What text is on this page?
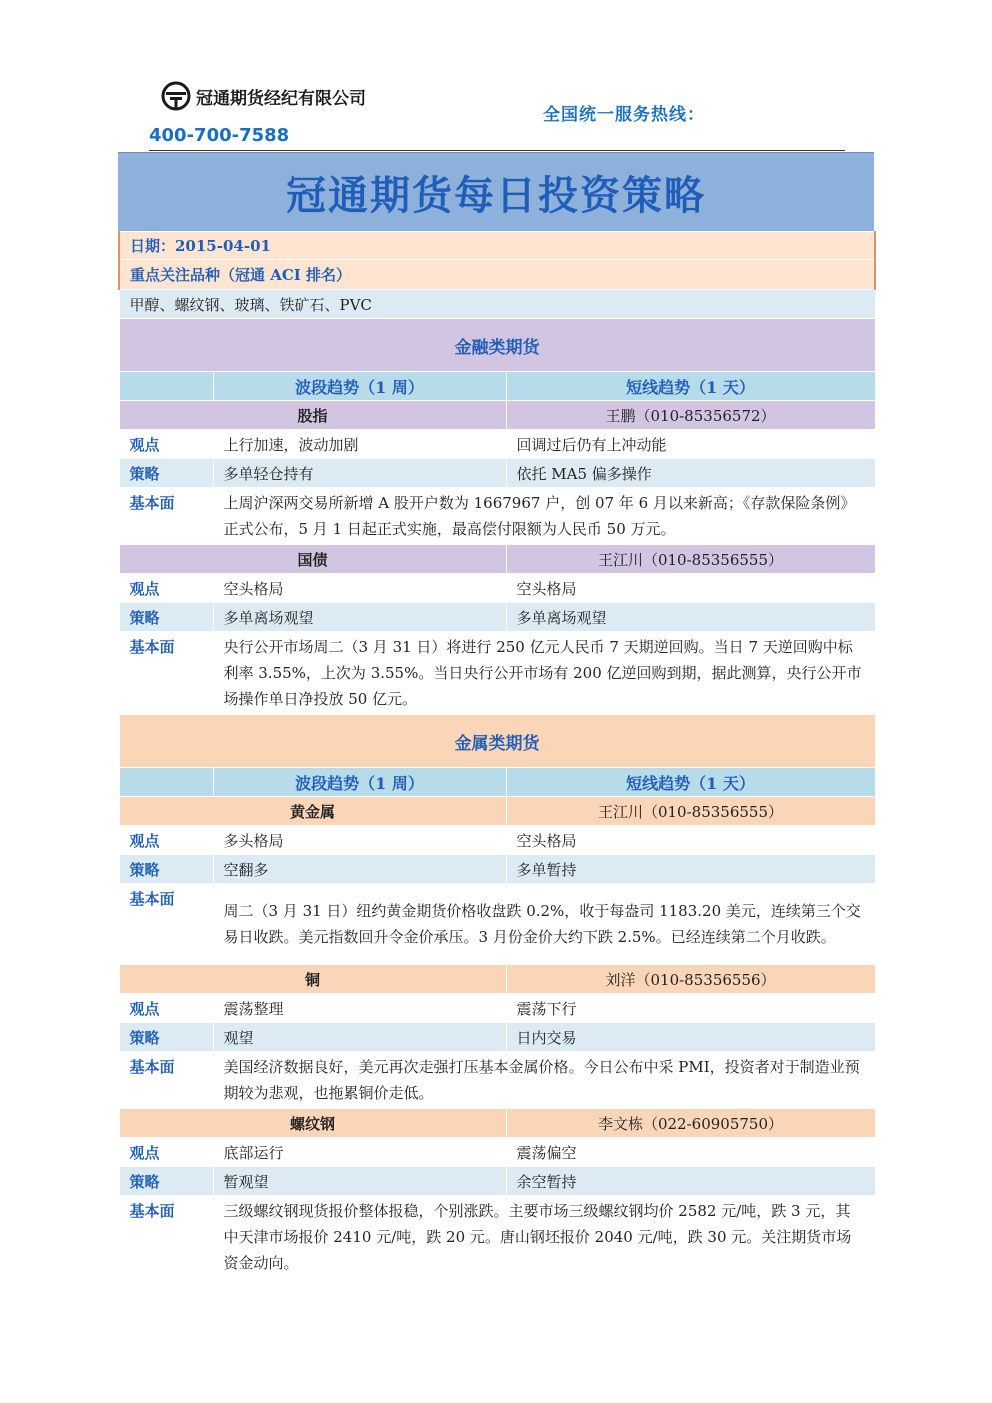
冠通期货经纪有限公司
全国统一服务热线：
400-700-7588
冠通期货每日投资策略
日期：2015-04-01		
重点关注品种（冠通 ACI 排名）		
甲醇、螺纹钢、玻璃、铁矿石、PVC		
金融类期货		
	波段趋势（1 周）	短线趋势（1 天）
股指		王鹏（010-85356572）
观点	上行加速，波动加剧	回调过后仍有上冲动能
策略	多单轻仓持有	依托 MA5 偏多操作
基本面	上周沪深两交易所新增 A 股开户数为 1667967 户，创 07 年 6 月以来新高；《存款保险条例》正式公布，5 月 1 日起正式实施，最高偿付限额为人民币 50 万元。	
国债		王江川（010-85356555）
观点	空头格局	空头格局
策略	多单离场观望	多单离场观望
基本面	央行公开市场周二（3 月 31 日）将进行 250 亿元人民币 7 天期逆回购。当日 7 天逆回购中标利率 3.55%，上次为 3.55%。当日央行公开市场有 200 亿逆回购到期，据此测算，央行公开市场操作单日净投放 50 亿元。	
金属类期货		
	波段趋势（1 周）	短线趋势（1 天）
黄金属		王江川（010-85356555）
观点	多头格局	空头格局
策略	空翻多	多单暂持
基本面	周二（3 月 31 日）纽约黄金期货价格收盘跌 0.2%，收于每盎司 1183.20 美元，连续第三个交易日收跌。美元指数回升令金价承压。3 月份金价大约下跌 2.5%。已经连续第二个月收跌。	
铜		刘洋（010-85356556）
观点	震荡整理	震荡下行
策略	观望	日内交易
基本面	美国经济数据良好，美元再次走强打压基本金属价格。今日公布中采 PMI，投资者对于制造业预期较为悲观，也拖累铜价走低。	
螺纹钢		李文栋（022-60905750）
观点	底部运行	震荡偏空
策略	暂观望	余空暂持
基本面	三级螺纹钢现货报价整体报稳，个别涨跌。主要市场三级螺纹钢均价 2582 元/吨，跌 3 元，其中天津市场报价 2410 元/吨，跌 20 元。唐山钢坯报价 2040 元/吨，跌 30 元。关注期货市场资金动向。	
